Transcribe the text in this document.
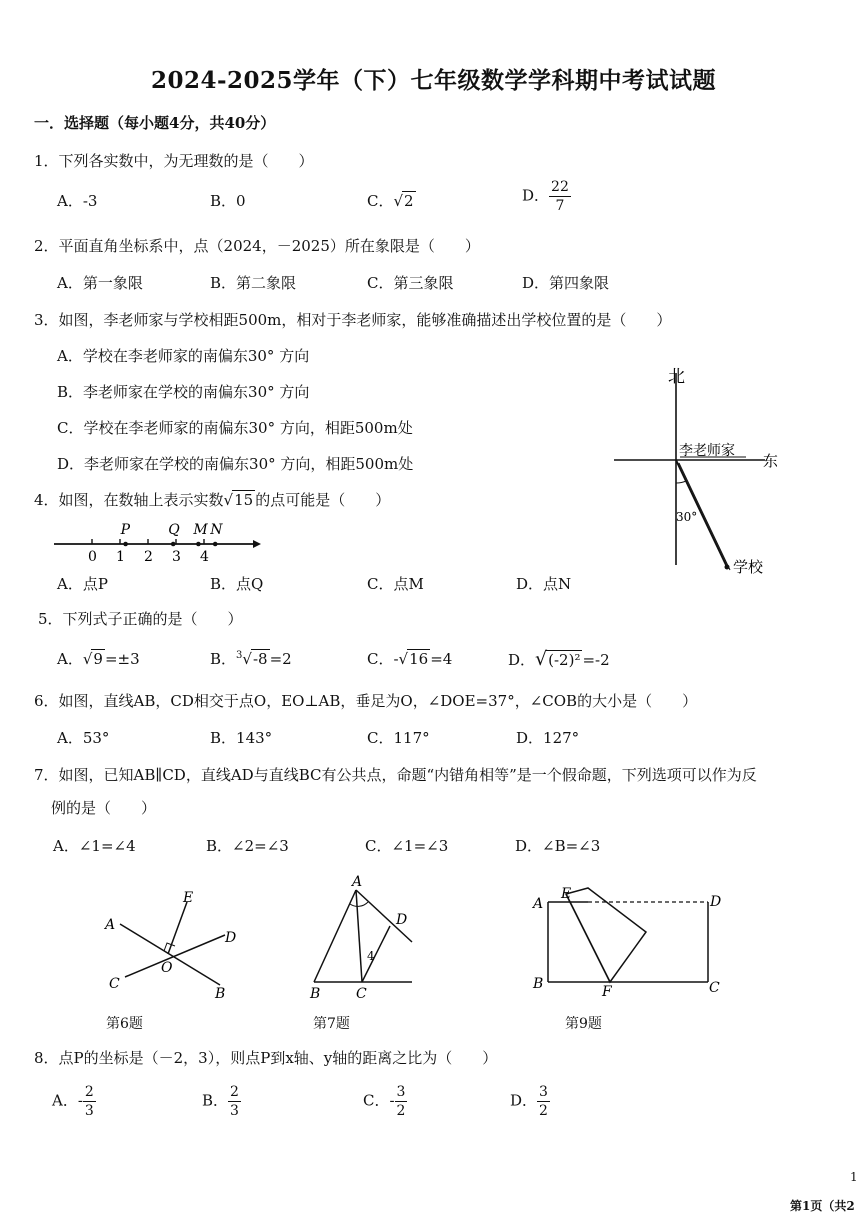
2024-2025学年（下）七年级数学学科期中考试试题
一．选择题（每小题4分，共40分）
1．下列各实数中，为无理数的是（　　）
A．-3	B．0	C．√2	D． $\frac{22}{7}$
2．平面直角坐标系中，点（2024，－2025）所在象限是（　　）
A．第一象限	B．第二象限	C．第三象限	D．第四象限
3．如图，李老师家与学校相距500m，相对于李老师家，能够准确描述出学校位置的是（　　）
A．学校在李老师家的南偏东30° 方向
B．李老师家在学校的南偏东30° 方向
C．学校在李老师家的南偏东30° 方向，相距500m处
D．李老师家在学校的南偏东30° 方向，相距500m处
北
东
李老师家
学校
30°
4．如图，在数轴上表示实数√15 的点可能是（　　）
0 1 2 3 4
P	Q M N
A．点P	B．点Q	C．点M	D．点N
5．下列式子正确的是（　　）
A．√9 =±3	B．$^3$√-8 =2	C．-√16 =4	D．√(-2)² =-2
6．如图，直线AB，CD相交于点O，EO⊥AB，垂足为O，∠DOE=37°，∠COB的大小是（　　）
A．53°	B．143°	C．117°	D．127°
7．如图，已知AB∥CD，直线AD与直线BC有公共点，命题“内错角相等”是一个假命题，下列选项可以作为反
例的是（　　）
A．∠1=∠4	B．∠2=∠3	C．∠1=∠3	D．∠B=∠3
A
B
C
D
E
O
第6题
A
B	C
D
4
第7题
A
B	C
D
E
F
第9题
8．点P的坐标是（－2，3），则点P到x轴、y轴的距离之比为（　　）
A．- $\frac{2}{3}$	B． $\frac{2}{3}$	C．- $\frac{3}{2}$	D． $\frac{3}{2}$
1
第1页（共2
